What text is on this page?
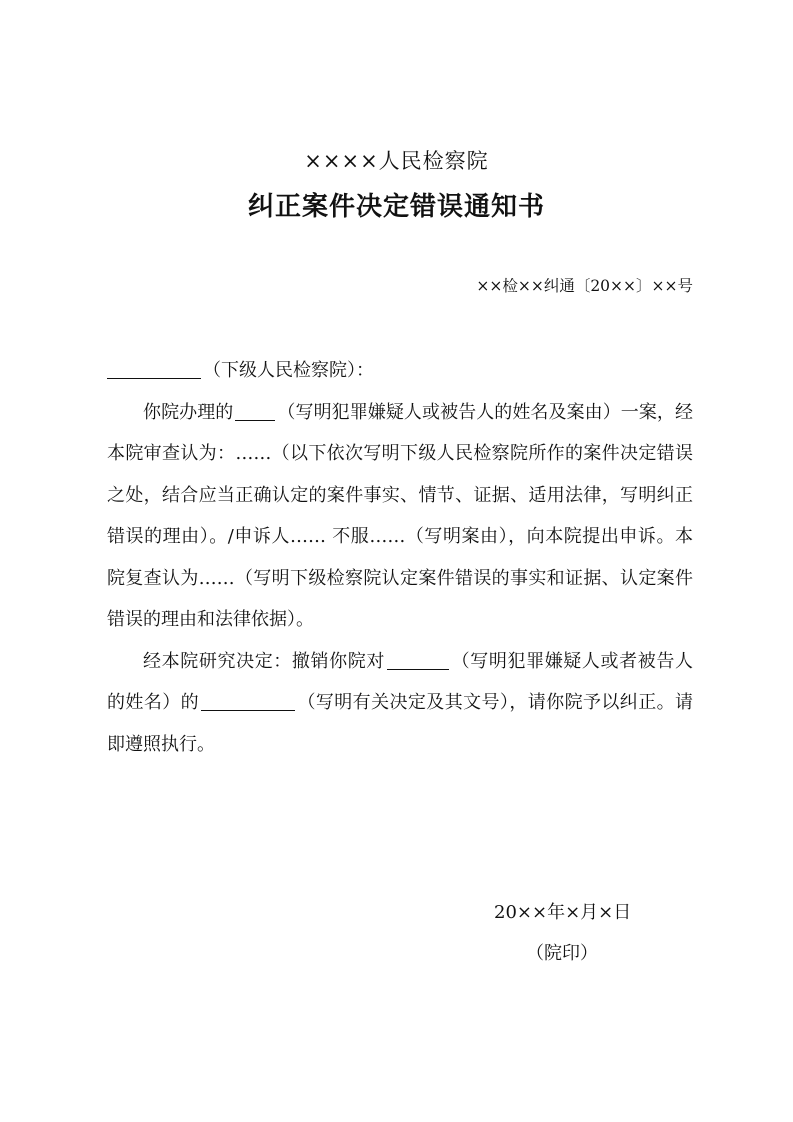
××××人民检察院
纠正案件决定错误通知书
××检××纠通〔20××〕××号

（下级人民检察院）：

你院办理的 （写明犯罪嫌疑人或被告人的姓名及案由）一案，经本院审查认为：……（以下依次写明下级人民检察院所作的案件决定错误之处，结合应当正确认定的案件事实、情节、证据、适用法律，写明纠正错误的理由）。/申诉人…… 不服……（写明案由），向本院提出申诉。本院复查认为……（写明下级检察院认定案件错误的事实和证据、认定案件错误的理由和法律依据）。

经本院研究决定：撤销你院对	（写明犯罪嫌疑人或者被告人的姓名）的	（写明有关决定及其文号），请你院予以纠正。请即遵照执行。

20××年×月×日
（院印）
